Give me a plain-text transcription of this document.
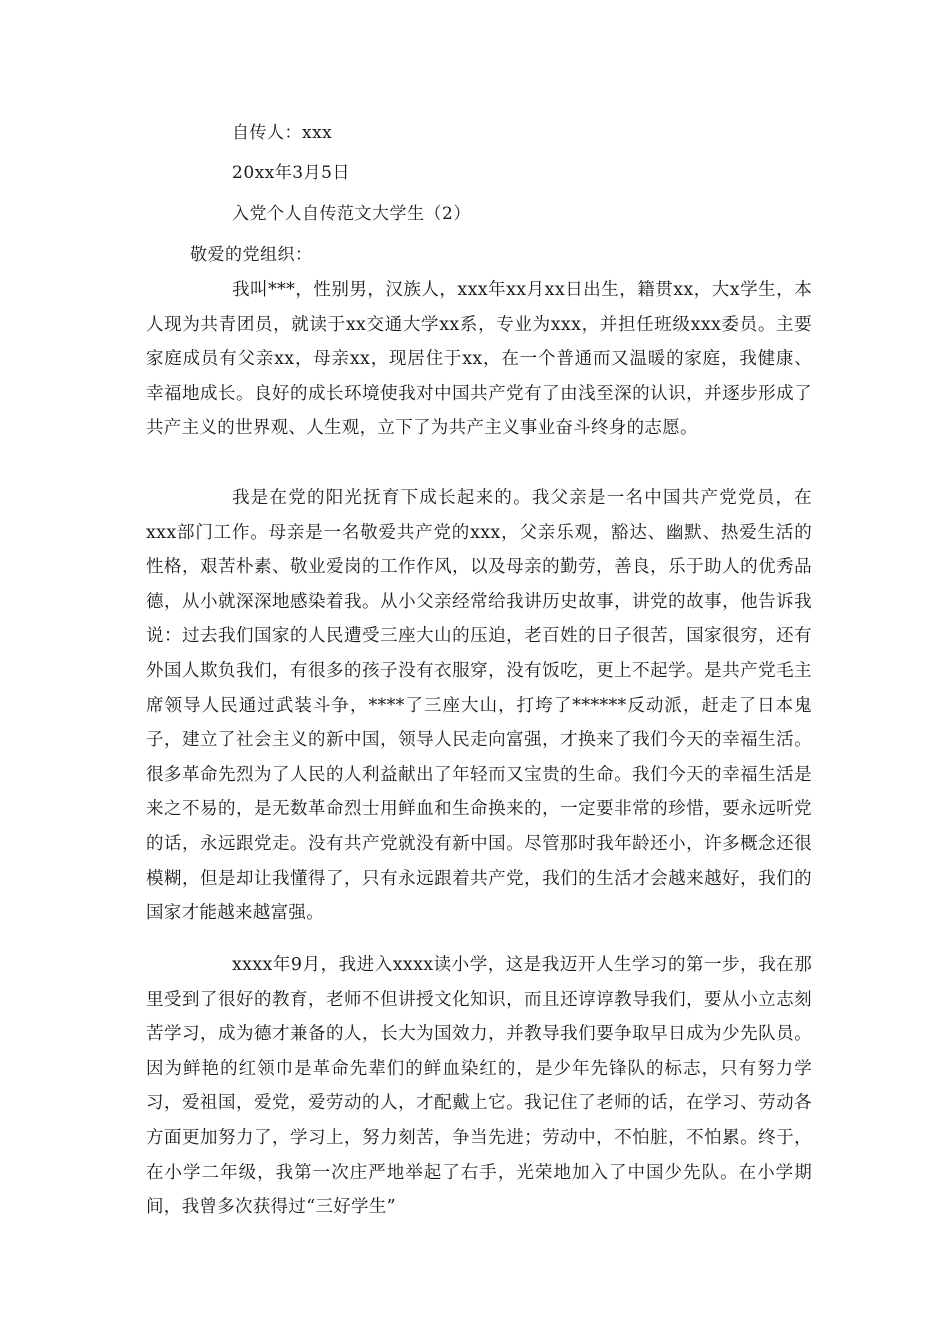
自传人：xxx
20xx年3月5日
入党个人自传范文大学生（2）
敬爱的党组织：

我叫***，性别男，汉族人，xxx年xx月xx日出生，籍贯xx，大x学生，本人现为共青团员，就读于xx交通大学xx系，专业为xxx，并担任班级xxx委员。主要家庭成员有父亲xx，母亲xx，现居住于xx，在一个普通而又温暖的家庭，我健康、幸福地成长。良好的成长环境使我对中国共产党有了由浅至深的认识，并逐步形成了共产主义的世界观、人生观，立下了为共产主义事业奋斗终身的志愿。

我是在党的阳光抚育下成长起来的。我父亲是一名中国共产党党员，在xxx部门工作。母亲是一名敬爱共产党的xxx，父亲乐观，豁达、幽默、热爱生活的性格，艰苦朴素、敬业爱岗的工作作风，以及母亲的勤劳，善良，乐于助人的优秀品德，从小就深深地感染着我。从小父亲经常给我讲历史故事，讲党的故事，他告诉我说：过去我们国家的人民遭受三座大山的压迫，老百姓的日子很苦，国家很穷，还有外国人欺负我们，有很多的孩子没有衣服穿，没有饭吃，更上不起学。是共产党毛主席领导人民通过武装斗争，****了三座大山，打垮了******反动派，赶走了日本鬼子，建立了社会主义的新中国，领导人民走向富强，才换来了我们今天的幸福生活。很多革命先烈为了人民的人利益献出了年轻而又宝贵的生命。我们今天的幸福生活是来之不易的，是无数革命烈士用鲜血和生命换来的，一定要非常的珍惜，要永远听党的话，永远跟党走。没有共产党就没有新中国。尽管那时我年龄还小，许多概念还很模糊，但是却让我懂得了，只有永远跟着共产党，我们的生活才会越来越好，我们的国家才能越来越富强。

xxxx年9月，我进入xxxx读小学，这是我迈开人生学习的第一步，我在那里受到了很好的教育，老师不但讲授文化知识，而且还谆谆教导我们，要从小立志刻苦学习，成为德才兼备的人，长大为国效力，并教导我们要争取早日成为少先队员。因为鲜艳的红领巾是革命先辈们的鲜血染红的，是少年先锋队的标志，只有努力学习，爱祖国，爱党，爱劳动的人，才配戴上它。我记住了老师的话，在学习、劳动各方面更加努力了，学习上，努力刻苦，争当先进；劳动中，不怕脏，不怕累。终于，在小学二年级，我第一次庄严地举起了右手，光荣地加入了中国少先队。在小学期间，我曾多次获得过“三好学生”
